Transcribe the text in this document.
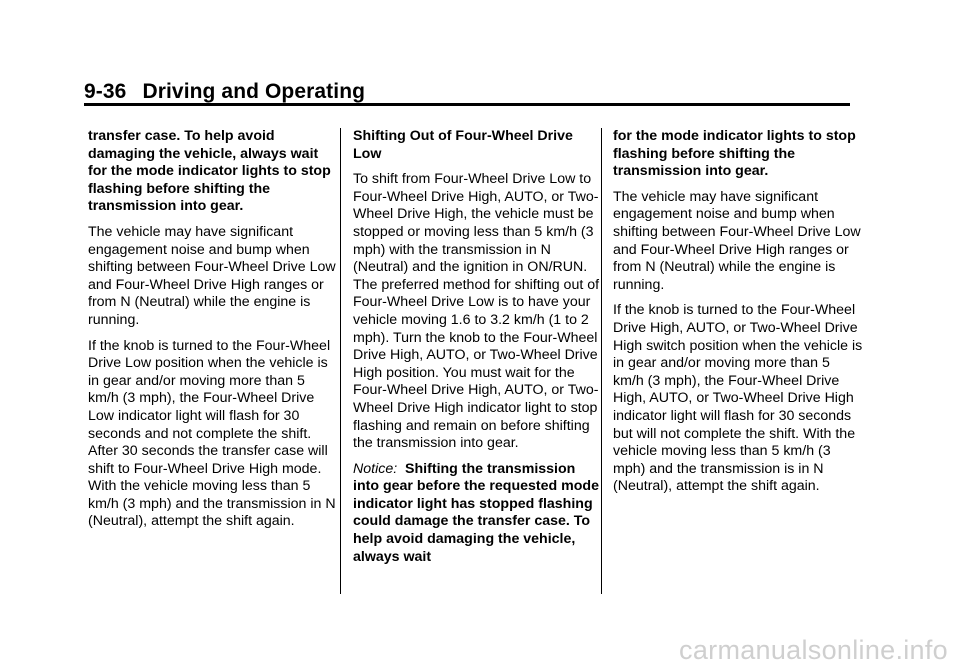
9-36 Driving and Operating

transfer case. To help avoid damaging the vehicle, always wait for the mode indicator lights to stop flashing before shifting the transmission into gear.

The vehicle may have significant engagement noise and bump when shifting between Four-Wheel Drive Low and Four-Wheel Drive High ranges or from N (Neutral) while the engine is running.

If the knob is turned to the Four-Wheel Drive Low position when the vehicle is in gear and/or moving more than 5 km/h (3 mph), the Four-Wheel Drive Low indicator light will flash for 30 seconds and not complete the shift. After 30 seconds the transfer case will shift to Four-Wheel Drive High mode. With the vehicle moving less than 5 km/h (3 mph) and the transmission in N (Neutral), attempt the shift again.

Shifting Out of Four-Wheel Drive Low

To shift from Four-Wheel Drive Low to Four-Wheel Drive High, AUTO, or Two-Wheel Drive High, the vehicle must be stopped or moving less than 5 km/h (3 mph) with the transmission in N (Neutral) and the ignition in ON/RUN. The preferred method for shifting out of Four-Wheel Drive Low is to have your vehicle moving 1.6 to 3.2 km/h (1 to 2 mph). Turn the knob to the Four-Wheel Drive High, AUTO, or Two-Wheel Drive High position. You must wait for the Four-Wheel Drive High, AUTO, or Two-Wheel Drive High indicator light to stop flashing and remain on before shifting the transmission into gear.

Notice: Shifting the transmission into gear before the requested mode indicator light has stopped flashing could damage the transfer case. To help avoid damaging the vehicle, always wait

for the mode indicator lights to stop flashing before shifting the transmission into gear.

The vehicle may have significant engagement noise and bump when shifting between Four-Wheel Drive Low and Four-Wheel Drive High ranges or from N (Neutral) while the engine is running.

If the knob is turned to the Four-Wheel Drive High, AUTO, or Two-Wheel Drive High switch position when the vehicle is in gear and/or moving more than 5 km/h (3 mph), the Four-Wheel Drive High, AUTO, or Two-Wheel Drive High indicator light will flash for 30 seconds but will not complete the shift. With the vehicle moving less than 5 km/h (3 mph) and the transmission is in N (Neutral), attempt the shift again.

carmanualsonline.info
